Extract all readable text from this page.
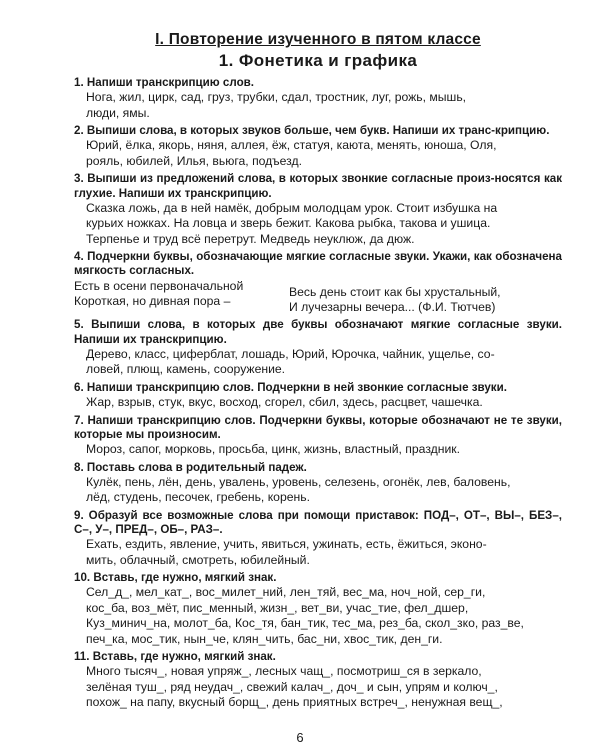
I. Повторение изученного в пятом классе
1. Фонетика и графика
1. Напиши транскрипцию слов.
Нога, жил, цирк, сад, груз, трубки, сдал, тростник, луг, рожь, мышь,
люди, ямы.
2. Выпиши слова, в которых звуков больше, чем букв. Напиши их транс-крипцию.
Юрий, ёлка, якорь, няня, аллея, ёж, статуя, каюта, менять, юноша, Оля,
рояль, юбилей, Илья, вьюга, подъезд.
3. Выпиши из предложений слова, в которых звонкие согласные произ-носятся как глухие. Напиши их транскрипцию.
Сказка ложь, да в ней намёк, добрым молодцам урок. Стоит избушка на
курьих ножках. На ловца и зверь бежит. Какова рыбка, такова и ушица.
Терпенье и труд всё перетрут. Медведь неуклюж, да дюж.
4. Подчеркни буквы, обозначающие мягкие согласные звуки. Укажи, как обозначена мягкость согласных.
Есть в осени первоначальной
Короткая, но дивная пора –
Весь день стоит как бы хрустальный,
И лучезарны вечера... (Ф.И. Тютчев)
5. Выпиши слова, в которых две буквы обозначают мягкие согласные звуки. Напиши их транскрипцию.
Дерево, класс, циферблат, лошадь, Юрий, Юрочка, чайник, ущелье, со-
ловей, плющ, камень, сооружение.
6. Напиши транскрипцию слов. Подчеркни в ней звонкие согласные звуки.
Жар, взрыв, стук, вкус, восход, сгорел, сбил, здесь, расцвет, чашечка.
7. Напиши транскрипцию слов. Подчеркни буквы, которые обозначают не те звуки, которые мы произносим.
Мороз, сапог, морковь, просьба, цинк, жизнь, властный, праздник.
8. Поставь слова в родительный падеж.
Кулёк, пень, лён, день, увалень, уровень, селезень, огонёк, лев, баловень,
лёд, студень, песочек, гребень, корень.
9. Образуй все возможные слова при помощи приставок: ПОД–, ОТ–, ВЫ–, БЕЗ–, С–, У–, ПРЕД–, ОБ–, РАЗ–.
Ехать, ездить, явление, учить, явиться, ужинать, есть, ёжиться, эконо-
мить, облачный, смотреть, юбилейный.
10. Вставь, где нужно, мягкий знак.
Сел_д_, мел_кат_, вос_милет_ний, лен_тяй, вес_ма, ноч_ной, сер_ги,
кос_ба, воз_мёт, пис_менный, жизн_, вет_ви, учас_тие, фел_дшер,
Куз_минич_на, молот_ба, Кос_тя, бан_тик, тес_ма, рез_ба, скол_зко, раз_ве,
печ_ка, мос_тик, нын_че, клян_чить, бас_ни, хвос_тик, ден_ги.
11. Вставь, где нужно, мягкий знак.
Много тысяч_, новая упряж_, лесных чащ_, посмотриш_ся в зеркало,
зелёная туш_, ряд неудач_, свежий калач_, доч_ и сын, упрям и колюч_,
похож_ на папу, вкусный борщ_, день приятных встреч_, ненужная вещ_,
6
